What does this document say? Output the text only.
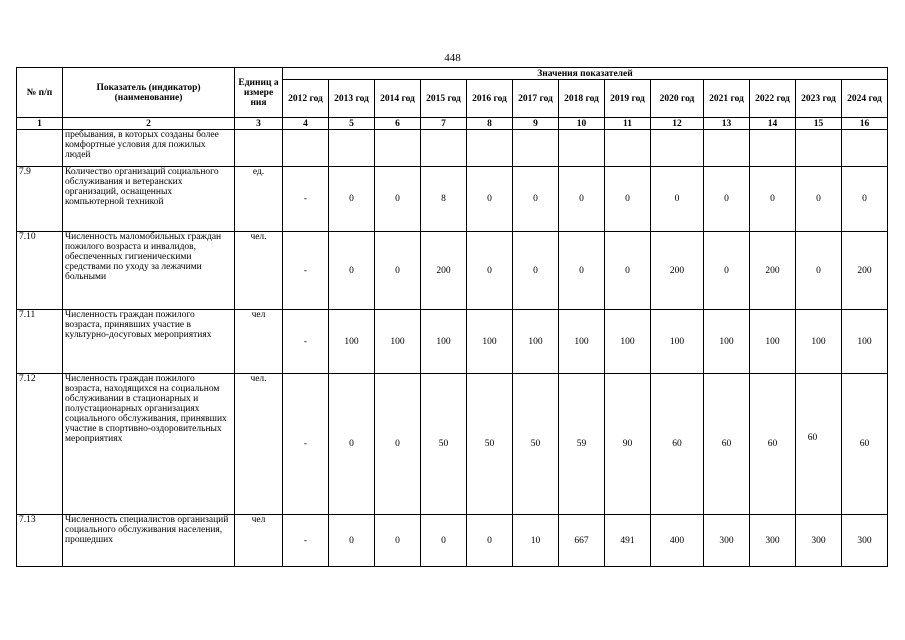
448
№ п/п	Показатель (индикатор) (наименование)	Единиц а измере ния	Значения показателей												
			2012 год	2013 год	2014 год	2015 год	2016 год	2017 год	2018 год	2019 год	2020 год	2021 год	2022 год	2023 год	2024 год
1	2	3	4	5	6	7	8	9	10	11	12	13	14	15	16
	пребывания, в которых созданы более комфортные условия для пожилых людей														
7.9	Количество организаций социального обслуживания и ветеранских организаций, оснащенных компьютерной техникой	ед.	-	0	0	8	0	0	0	0	0	0	0	0	0
7.10	Численность маломобильных граждан пожилого возраста и инвалидов, обеспеченных гигиеническими средствами по уходу за лежачими больными	чел.	-	0	0	200	0	0	0	0	200	0	200	0	200
7.11	Численность граждан пожилого возраста, принявших участие в культурно-досуговых мероприятиях	чел	-	100	100	100	100	100	100	100	100	100	100	100	100
7.12	Численность граждан пожилого возраста, находящихся на социальном обслуживании в стационарных и полустационарных организациях социального обслуживания, принявших участие в спортивно-оздоровительных мероприятиях	чел.	-	0	0	50	50	50	59	90	60	60	60	60	60
7.13	Численность специалистов организаций социального обслуживания населения, прошедших	чел	-	0	0	0	0	10	667	491	400	300	300	300	300
